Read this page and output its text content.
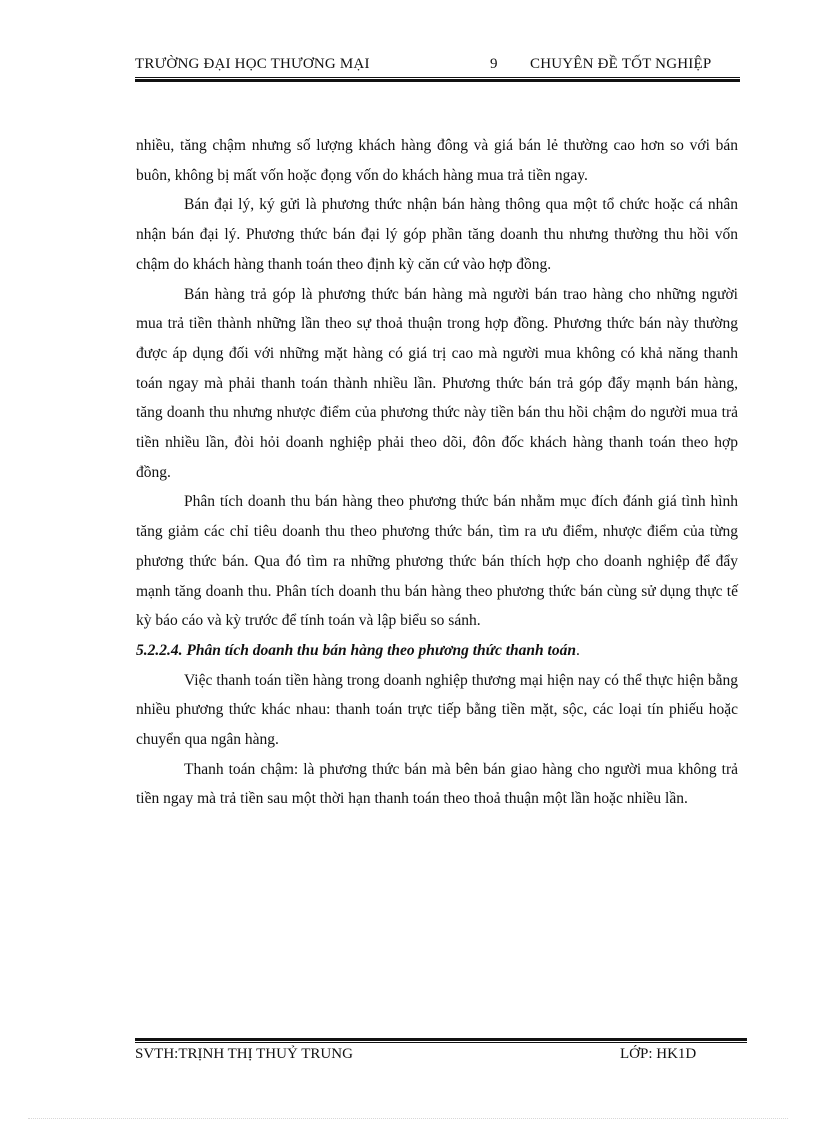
TRƯỜNG ĐẠI HỌC THƯƠNG MẠI	9 CHUYÊN ĐỀ TỐT NGHIỆP

nhiều, tăng chậm nhưng số lượng khách hàng đông và giá bán lẻ thường cao hơn so với bán buôn, không bị mất vốn hoặc đọng vốn do khách hàng mua trả tiền ngay.

Bán đại lý, ký gửi là phương thức nhận bán hàng thông qua một tổ chức hoặc cá nhân nhận bán đại lý. Phương thức bán đại lý góp phần tăng doanh thu nhưng thường thu hồi vốn chậm do khách hàng thanh toán theo định kỳ căn cứ vào hợp đồng.

Bán hàng trả góp là phương thức bán hàng mà người bán trao hàng cho những người mua trả tiền thành những lần theo sự thoả thuận trong hợp đồng. Phương thức bán này thường được áp dụng đối với những mặt hàng có giá trị cao mà người mua không có khả năng thanh toán ngay mà phải thanh toán thành nhiều lần. Phương thức bán trả góp đẩy mạnh bán hàng, tăng doanh thu nhưng nhược điểm của phương thức này tiền bán thu hồi chậm do người mua trả tiền nhiều lần, đòi hỏi doanh nghiệp phải theo dõi, đôn đốc khách hàng thanh toán theo hợp đồng.

Phân tích doanh thu bán hàng theo phương thức bán nhằm mục đích đánh giá tình hình tăng giảm các chỉ tiêu doanh thu theo phương thức bán, tìm ra ưu điểm, nhược điểm của từng phương thức bán. Qua đó tìm ra những phương thức bán thích hợp cho doanh nghiệp để đẩy mạnh tăng doanh thu. Phân tích doanh thu bán hàng theo phương thức bán cùng sử dụng thực tế kỳ báo cáo và kỳ trước để tính toán và lập biểu so sánh.

5.2.2.4. Phân tích doanh thu bán hàng theo phương thức thanh toán.

Việc thanh toán tiền hàng trong doanh nghiệp thương mại hiện nay có thể thực hiện bằng nhiều phương thức khác nhau: thanh toán trực tiếp bằng tiền mặt, sộc, các loại tín phiếu hoặc chuyển qua ngân hàng.

Thanh toán chậm: là phương thức bán mà bên bán giao hàng cho người mua không trả tiền ngay mà trả tiền sau một thời hạn thanh toán theo thoả thuận một lần hoặc nhiều lần.

SVTH:TRỊNH THỊ THUỶ TRUNG	LỚP: HK1D
